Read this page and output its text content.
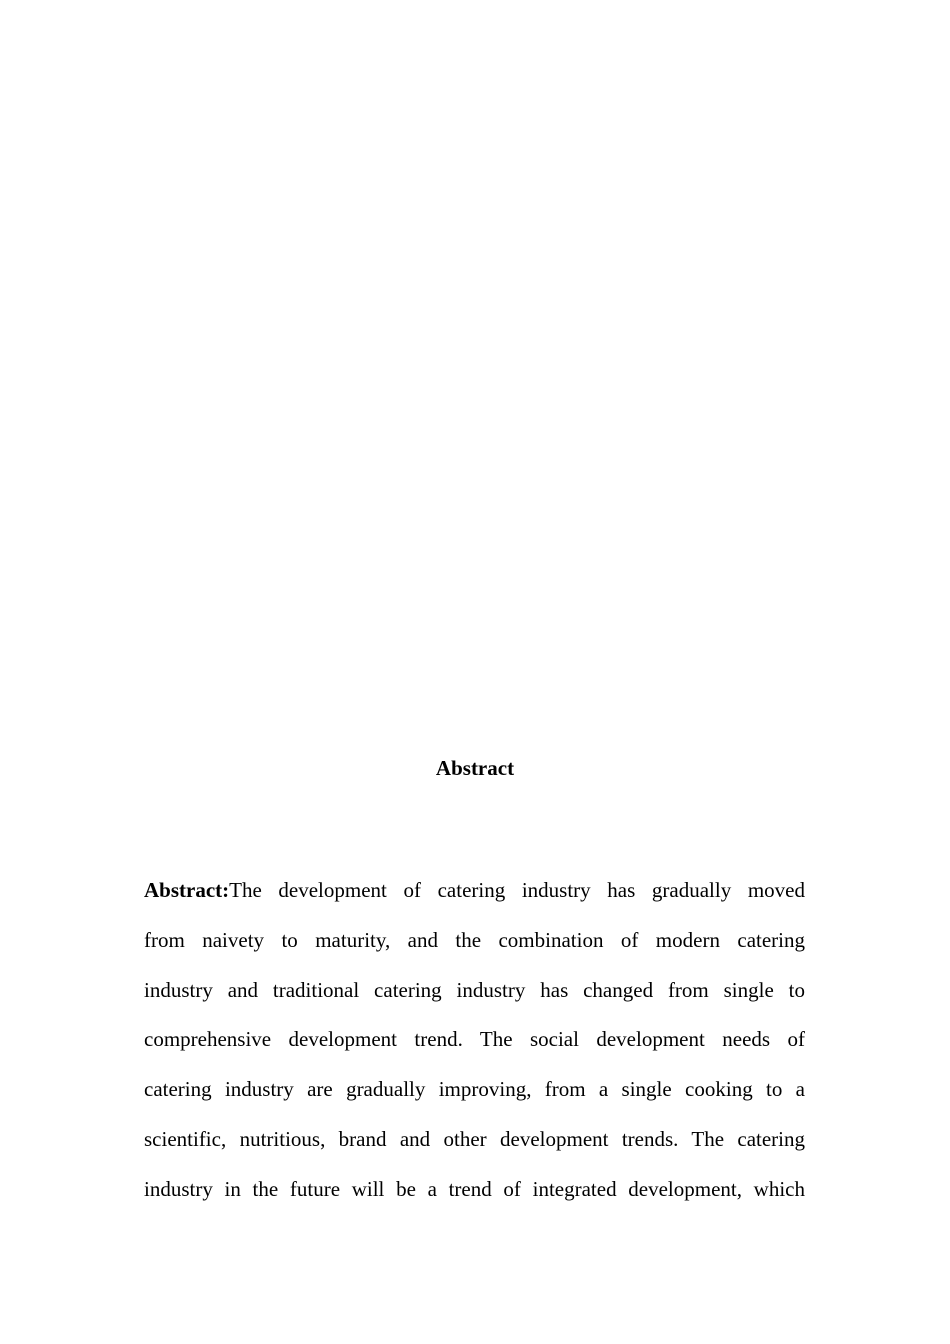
Abstract
Abstract:The development of catering industry has gradually moved
from naivety to maturity, and the combination of modern catering
industry and traditional catering industry has changed from single to
comprehensive development trend. The social development needs of
catering industry are gradually improving, from a single cooking to a
scientific, nutritious, brand and other development trends. The catering
industry in the future will be a trend of integrated development, which
